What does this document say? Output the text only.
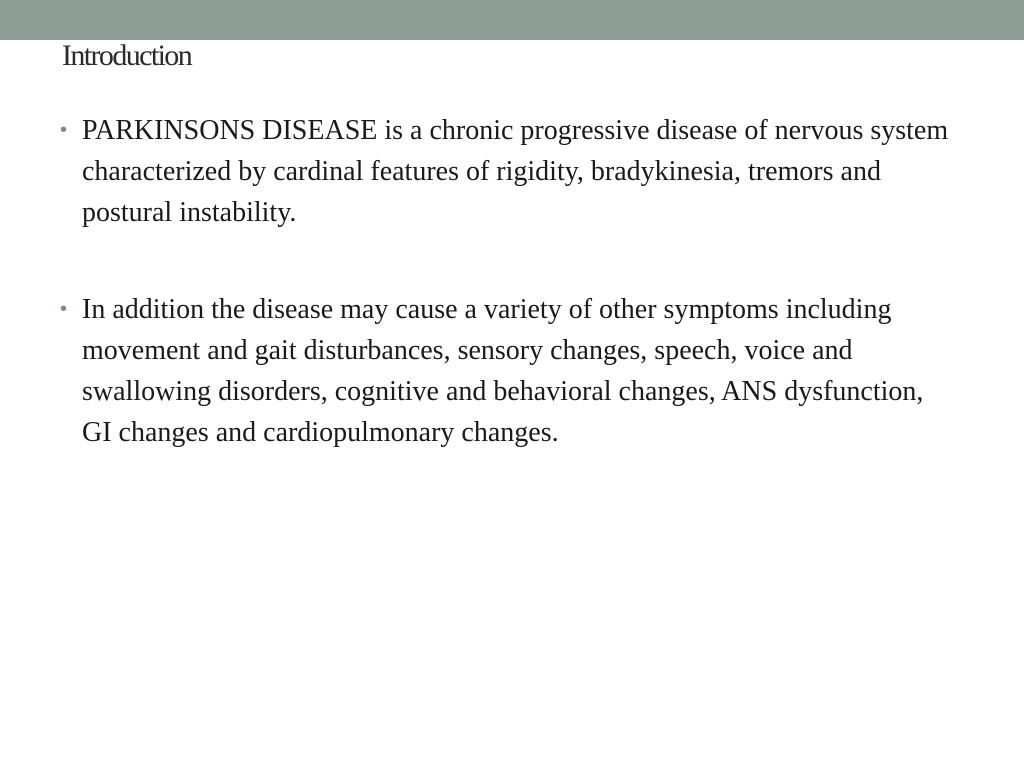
Introduction
• PARKINSONS DISEASE is a chronic progressive disease of nervous system characterized by cardinal features of rigidity, bradykinesia, tremors and postural instability.
• In addition the disease may cause a variety of other symptoms including movement and gait disturbances, sensory changes, speech, voice and swallowing disorders, cognitive and behavioral changes, ANS dysfunction, GI changes and cardiopulmonary changes.
